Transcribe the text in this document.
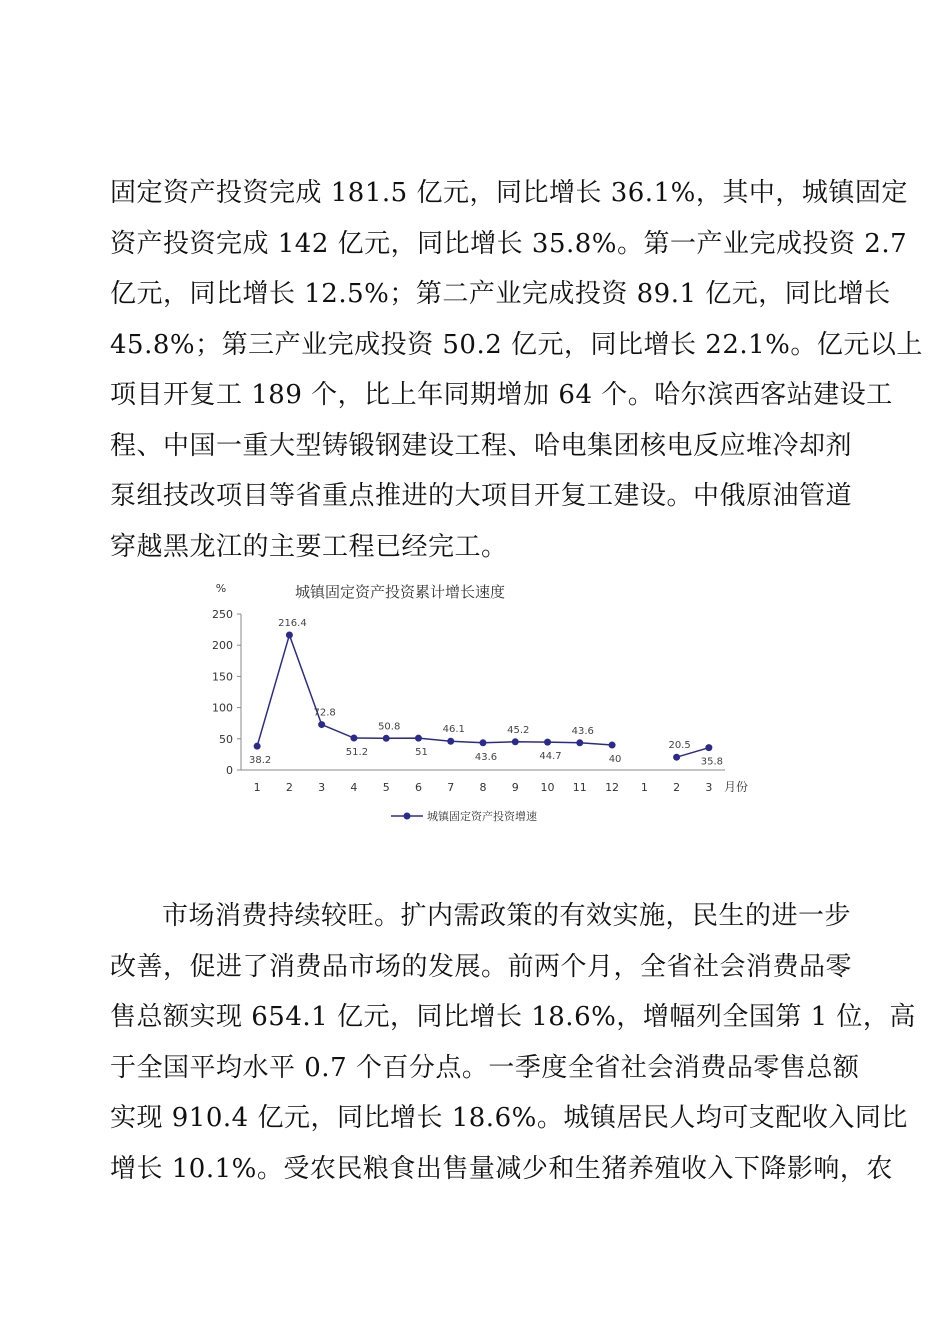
固定资产投资完成 181.5 亿元，同比增长 36.1%，其中，城镇固定
资产投资完成 142 亿元，同比增长 35.8%。第一产业完成投资 2.7
亿元，同比增长 12.5%；第二产业完成投资 89.1 亿元，同比增长
45.8%；第三产业完成投资 50.2 亿元，同比增长 22.1%。亿元以上
项目开复工 189 个，比上年同期增加 64 个。哈尔滨西客站建设工
程、中国一重大型铸锻钢建设工程、哈电集团核电反应堆冷却剂
泵组技改项目等省重点推进的大项目开复工建设。中俄原油管道
穿越黑龙江的主要工程已经完工。
城镇固定资产投资累计增长速度
%
月份
0
50
100
150
200
250
1 2 3 4 5 6 7 8 9 10 11 12 1 2 3
38.2
216.4
72.8
51.2
50.8
51
46.1
43.6
45.2
44.7
43.6
40
20.5
35.8
城镇固定资产投资增速
市场消费持续较旺。扩内需政策的有效实施，民生的进一步
改善，促进了消费品市场的发展。前两个月，全省社会消费品零
售总额实现 654.1 亿元，同比增长 18.6%，增幅列全国第 1 位，高
于全国平均水平 0.7 个百分点。一季度全省社会消费品零售总额
实现 910.4 亿元，同比增长 18.6%。城镇居民人均可支配收入同比
增长 10.1%。受农民粮食出售量减少和生猪养殖收入下降影响，农
